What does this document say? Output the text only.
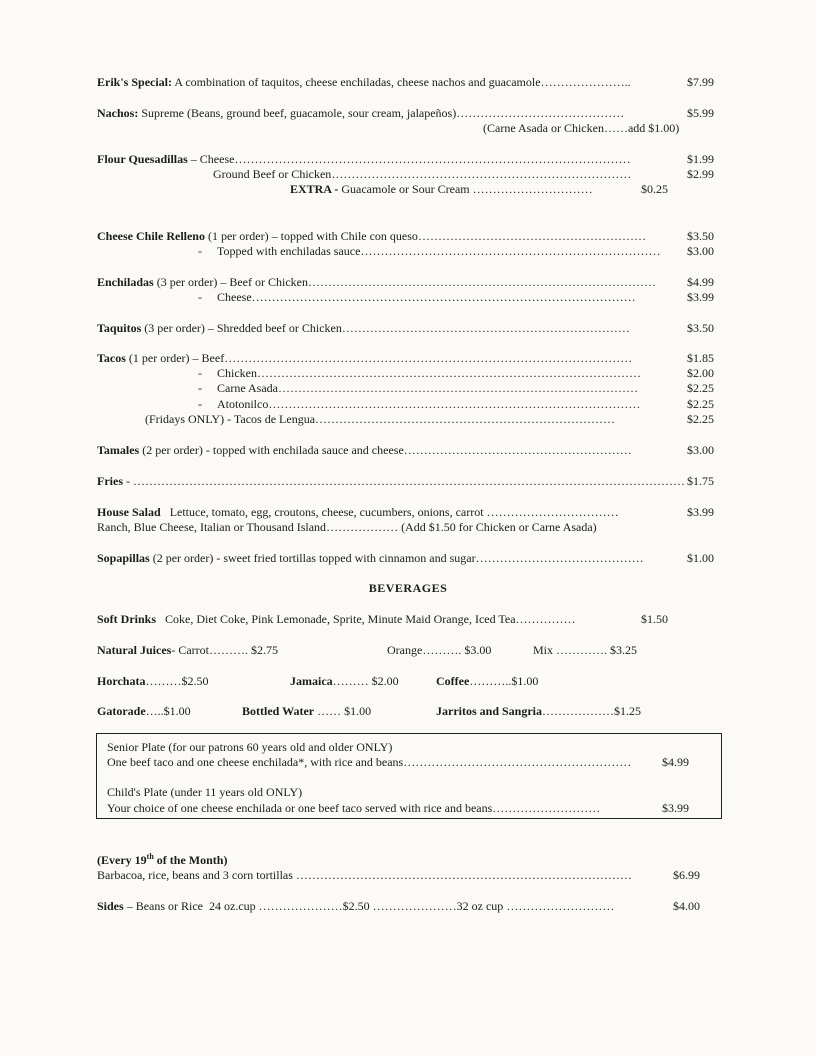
Erik's Special: A combination of taquitos, cheese enchiladas, cheese nachos and guacamole…………………..	$7.99
Nachos: Supreme (Beans, ground beef, guacamole, sour cream, jalapeños)……………………………………	$5.99
(Carne Asada or Chicken……add $1.00)
Flour Quesadillas – Cheese………………………………………………………………………………………	$1.99
Ground Beef or Chicken…………………………………………………………………	$2.99
EXTRA - Guacamole or Sour Cream …………………………	$0.25
Cheese Chile Relleno (1 per order) – topped with Chile con queso…………………………………………………	$3.50
-     Topped with enchiladas sauce………………………………………………………………… $3.00
Enchiladas (3 per order) – Beef or Chicken……………………………………………………………………………	$4.99
-     Cheese……………………………………………………………………………………	$3.99
Taquitos (3 per order) – Shredded beef or Chicken………………………………………………………………	$3.50
Tacos (1 per order) – Beef…………………………………………………………………………………………	$1.85
-     Chicken……………………………………………………………………………………	$2.00
-     Carne Asada………………………………………………………………………………	$2.25
-     Atotonilco…………………………………………………………………………………	$2.25
(Fridays ONLY) - Tacos de Lengua…………………………………………………………………	$2.25
Tamales (2 per order) - topped with enchilada sauce and cheese…………………………………………………	$3.00
Fries - ………………………………………………………………………………………………………………………… $1.75
House Salad   Lettuce, tomato, egg, croutons, cheese, cucumbers, onions, carrot ……………………………	$3.99
Ranch, Blue Cheese, Italian or Thousand Island……………… (Add $1.50 for Chicken or Carne Asada)
Sopapillas (2 per order) - sweet fried tortillas topped with cinnamon and sugar……………………………………	$1.00
BEVERAGES
Soft Drinks   Coke, Diet Coke, Pink Lemonade, Sprite, Minute Maid Orange, Iced Tea……………	$1.50
Natural Juices- Carrot………. $2.75	Orange………. $3.00	Mix …………. $3.25
Horchata………$2.50	Jamaica……… $2.00	Coffee………..$1.00
Gatorade…..$1.00	Bottled Water …… $1.00	Jarritos and Sangria………………$1.25
Senior Plate (for our patrons 60 years old and older ONLY)
One beef taco and one cheese enchilada*, with rice and beans…………………………………………………	$4.99
Child's Plate (under 11 years old ONLY)
Your choice of one cheese enchilada or one beef taco served with rice and beans………………………	$3.99
(Every 19th of the Month)
Barbacoa, rice, beans and 3 corn tortillas …………………………………………………………………………	$6.99
Sides – Beans or Rice  24 oz.cup …………………$2.50 …………………32 oz cup ………………………	$4.00
